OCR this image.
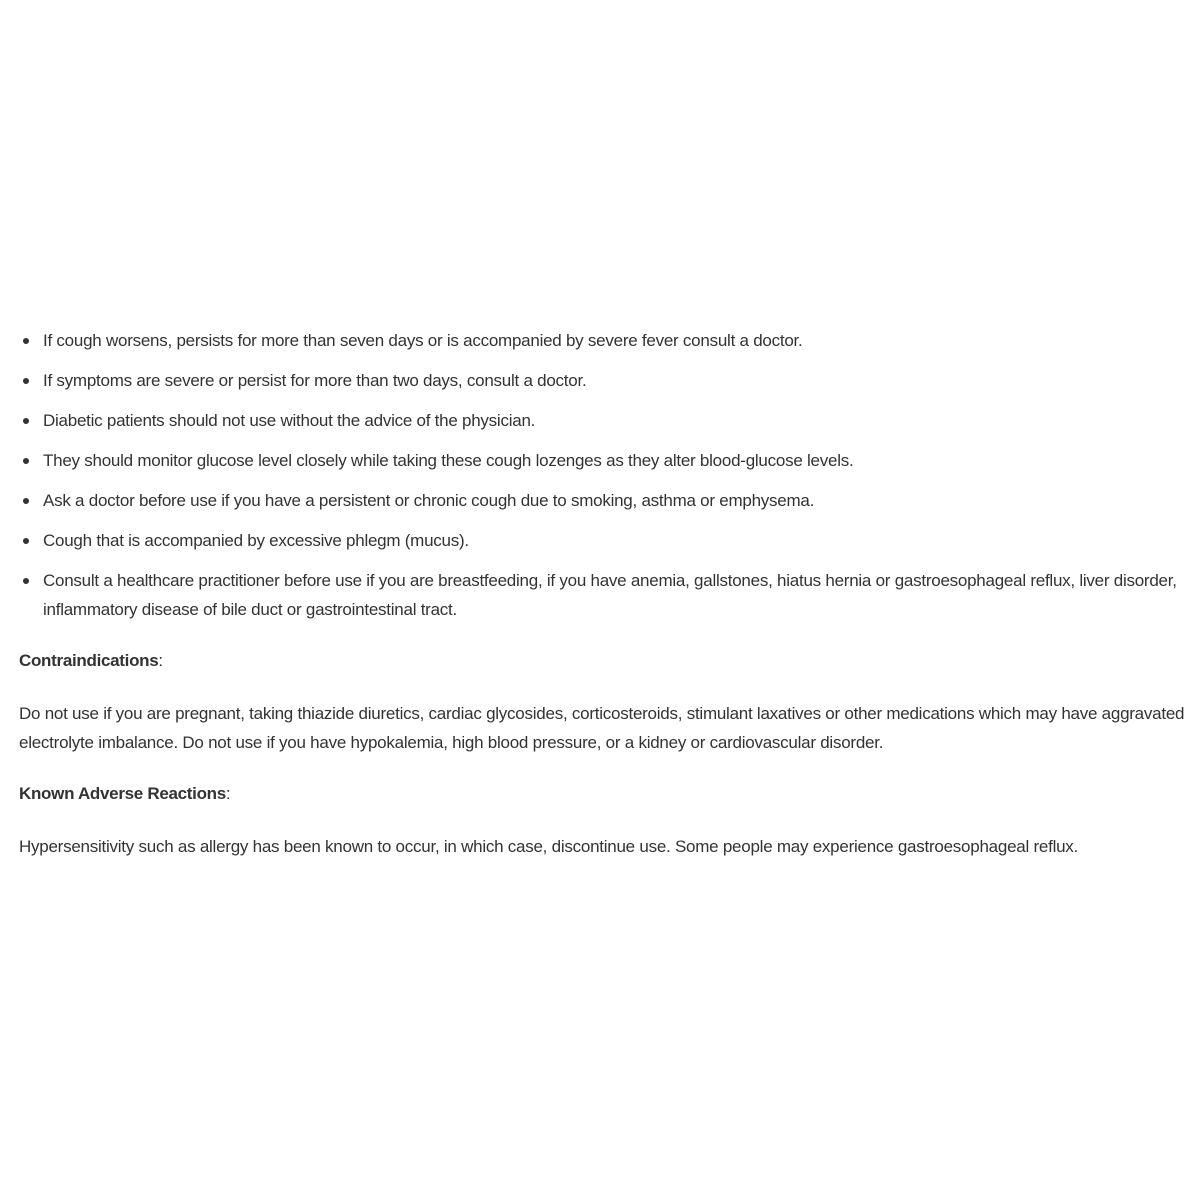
If cough worsens, persists for more than seven days or is accompanied by severe fever consult a doctor.
If symptoms are severe or persist for more than two days, consult a doctor.
Diabetic patients should not use without the advice of the physician.
They should monitor glucose level closely while taking these cough lozenges as they alter blood-glucose levels.
Ask a doctor before use if you have a persistent or chronic cough due to smoking, asthma or emphysema.
Cough that is accompanied by excessive phlegm (mucus).
Consult a healthcare practitioner before use if you are breastfeeding, if you have anemia, gallstones, hiatus hernia or gastroesophageal reflux, liver disorder, inflammatory disease of bile duct or gastrointestinal tract.
Contraindications:

Do not use if you are pregnant, taking thiazide diuretics, cardiac glycosides, corticosteroids, stimulant laxatives or other medications which may have aggravated electrolyte imbalance. Do not use if you have hypokalemia, high blood pressure, or a kidney or cardiovascular disorder.

Known Adverse Reactions:

Hypersensitivity such as allergy has been known to occur, in which case, discontinue use. Some people may experience gastroesophageal reflux.
